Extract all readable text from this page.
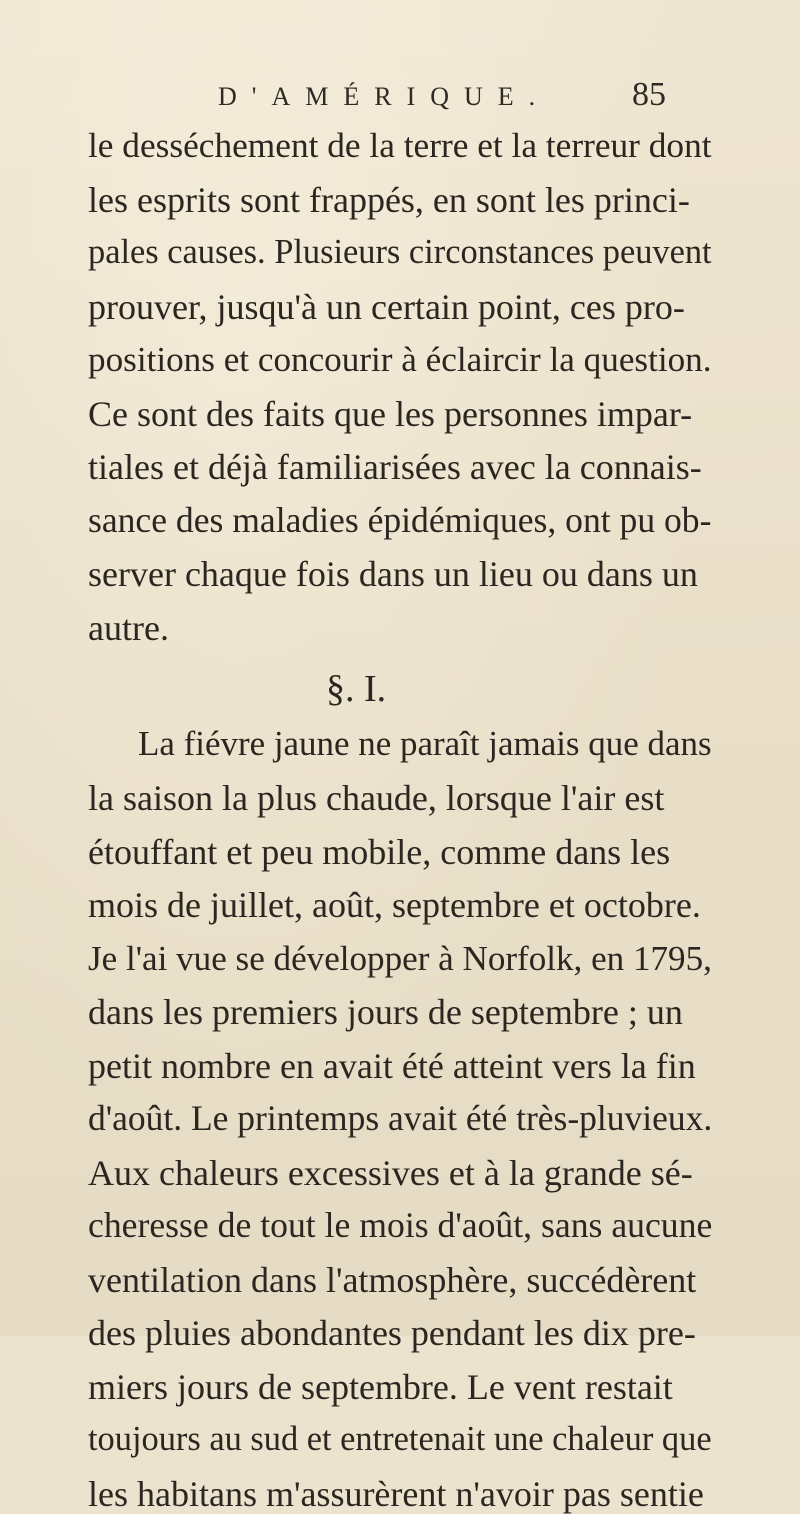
D'AMÉRIQUE. 85
le desséchement de la terre et la terreur dont
les esprits sont frappés, en sont les princi-
pales causes. Plusieurs circonstances peuvent
prouver, jusqu'à un certain point, ces pro-
positions et concourir à éclaircir la question.
Ce sont des faits que les personnes impar-
tiales et déjà familiarisées avec la connais-
sance des maladies épidémiques, ont pu ob-
server chaque fois dans un lieu ou dans un
autre.
§. I.
La fiévre jaune ne paraît jamais que dans
la saison la plus chaude, lorsque l'air est
étouffant et peu mobile, comme dans les
mois de juillet, août, septembre et octobre.
Je l'ai vue se développer à Norfolk, en 1795,
dans les premiers jours de septembre ; un
petit nombre en avait été atteint vers la fin
d'août. Le printemps avait été très-pluvieux.
Aux chaleurs excessives et à la grande sé-
cheresse de tout le mois d'août, sans aucune
ventilation dans l'atmosphère, succédèrent
des pluies abondantes pendant les dix pre-
miers jours de septembre. Le vent restait
toujours au sud et entretenait une chaleur que
les habitans m'assurèrent n'avoir pas sentie
